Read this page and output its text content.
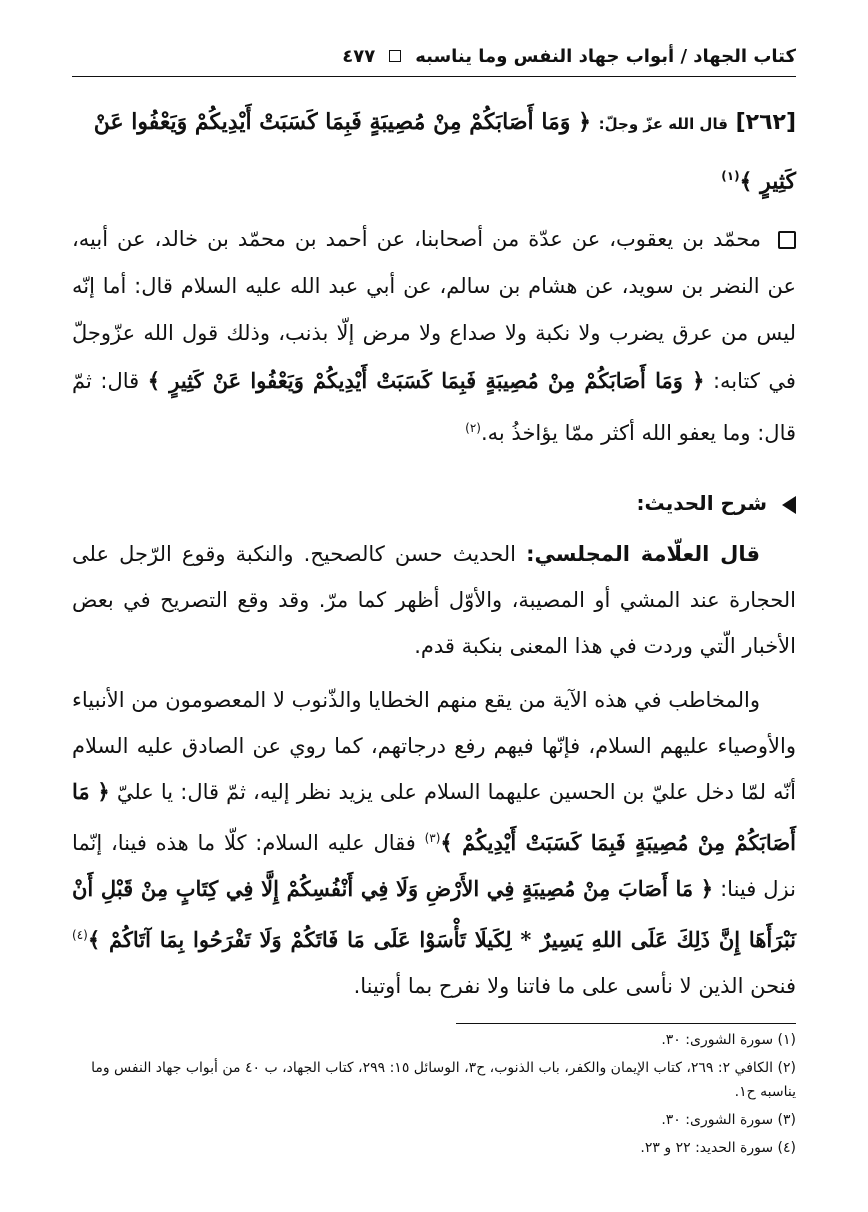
كتاب الجهاد / أبواب جهاد النفس وما يناسبه
٤٧٧
[٢٦٢] قال الله عزّ وجلّ: ﴿ وَمَا أَصَابَكُمْ مِنْ مُصِيبَةٍ فَبِمَا كَسَبَتْ أَيْدِيكُمْ وَيَعْفُوا عَنْ كَثِيرٍ ﴾$^{(١)}$

محمّد بن يعقوب، عن عدّة من أصحابنا، عن أحمد بن محمّد بن خالد، عن أبيه، عن النضر بن سويد، عن هشام بن سالم، عن أبي عبد الله عليه السلام قال: أما إنّه ليس من عرق يضرب ولا نكبة ولا صداع ولا مرض إلّا بذنب، وذلك قول الله عزّوجلّ في كتابه: ﴿ وَمَا أَصَابَكُمْ مِنْ مُصِيبَةٍ فَبِمَا كَسَبَتْ أَيْدِيكُمْ وَيَعْفُوا عَنْ كَثِيرٍ ﴾ قال: ثمّ قال: وما يعفو الله أكثر ممّا يؤاخذُ به.$^{(٢)}$

شرح الحديث:

قال العلّامة المجلسي: الحديث حسن كالصحيح. والنكبة وقوع الرّجل على الحجارة عند المشي أو المصيبة، والأوّل أظهر كما مرّ. وقد وقع التصريح في بعض الأخبار الّتي وردت في هذا المعنى بنكبة قدم.

والمخاطب في هذه الآية من يقع منهم الخطايا والذّنوب لا المعصومون من الأنبياء والأوصياء عليهم السلام، فإنّها فيهم رفع درجاتهم، كما روي عن الصادق عليه السلام أنّه لمّا دخل عليّ بن الحسين عليهما السلام على يزيد نظر إليه، ثمّ قال: يا عليّ ﴿ مَا أَصَابَكُمْ مِنْ مُصِيبَةٍ فَبِمَا كَسَبَتْ أَيْدِيكُمْ ﴾$^{(٣)}$ فقال عليه السلام: كلّا ما هذه فينا، إنّما نزل فينا: ﴿ مَا أَصَابَ مِنْ مُصِيبَةٍ فِي الأَرْضِ وَلَا فِي أَنْفُسِكُمْ إِلَّا فِي كِتَابٍ مِنْ قَبْلِ أَنْ نَبْرَأَهَا إِنَّ ذَلِكَ عَلَى اللهِ يَسِيرٌ * لِكَيلَا تَأْسَوْا عَلَى مَا فَاتَكُمْ وَلَا تَفْرَحُوا بِمَا آتَاكُمْ ﴾$^{(٤)}$ فنحن الذين لا نأسى على ما فاتنا ولا نفرح بما أوتينا.

(١) سورة الشورى: ٣٠.

(٢) الكافي ٢: ٢٦٩، كتاب الإيمان والكفر، باب الذنوب، ح٣، الوسائل ١٥: ٢٩٩، كتاب الجهاد، ب ٤٠ من أبواب جهاد النفس وما يناسبه ح١.

(٣) سورة الشورى: ٣٠.

(٤) سورة الحديد: ٢٢ و ٢٣.
